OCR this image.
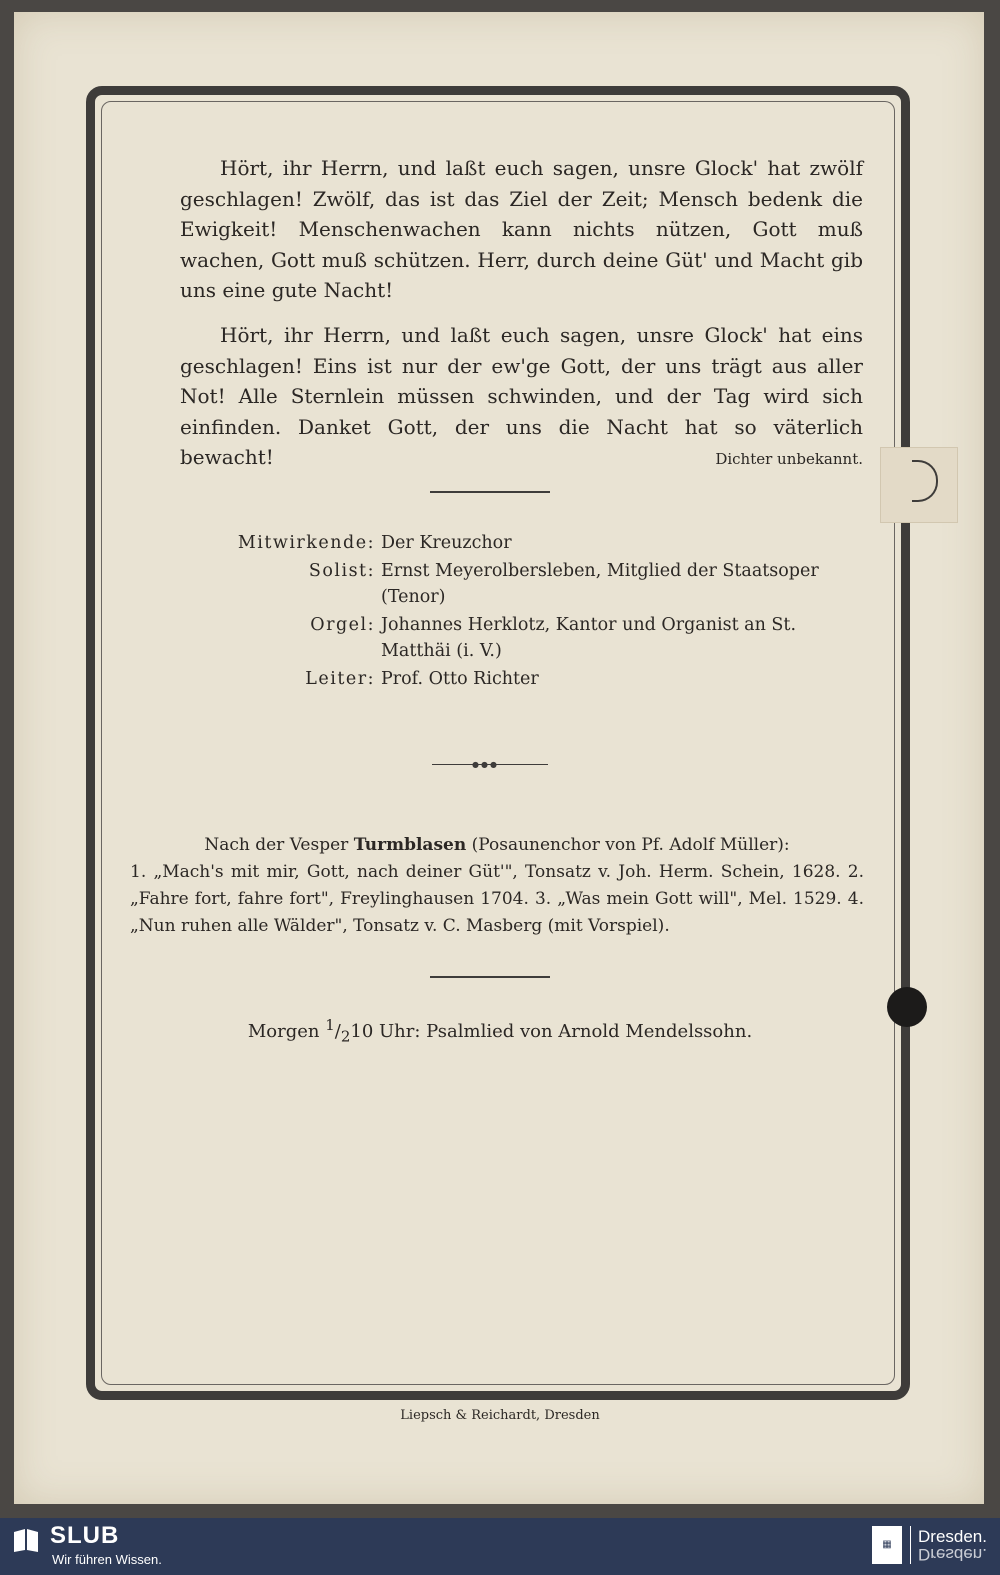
Hört, ihr Herrn, und laßt euch sagen, unsre Glock' hat zwölf geschlagen! Zwölf, das ist das Ziel der Zeit; Mensch bedenk die Ewigkeit! Menschenwachen kann nichts nützen, Gott muß wachen, Gott muß schützen. Herr, durch deine Güt' und Macht gib uns eine gute Nacht!

Hört, ihr Herrn, und laßt euch sagen, unsre Glock' hat eins geschlagen! Eins ist nur der ew'ge Gott, der uns trägt aus aller Not! Alle Sternlein müssen schwinden, und der Tag wird sich einfinden. Danket Gott, der uns die Nacht hat so väterlich bewacht!	Dichter unbekannt.

Mitwirkende: Der Kreuzchor
Solist: Ernst Meyerolbersleben, Mitglied der Staatsoper (Tenor)
Orgel: Johannes Herklotz, Kantor und Organist an St. Matthäi (i. V.)
Leiter: Prof. Otto Richter
●●●
Nach der Vesper Turmblasen (Posaunenchor von Pf. Adolf Müller):
1. „Mach's mit mir, Gott, nach deiner Güt'", Tonsatz v. Joh. Herm. Schein, 1628. 2. „Fahre fort, fahre fort", Freylinghausen 1704. 3. „Was mein Gott will", Mel. 1529. 4. „Nun ruhen alle Wälder", Tonsatz v. C. Masberg (mit Vorspiel).
Morgen $^1/_210$ Uhr: Psalmlied von Arnold Mendelssohn.
Liepsch & Reichardt, Dresden
SLUB
Wir führen Wissen.
▦	Dresden.
Dresden.
